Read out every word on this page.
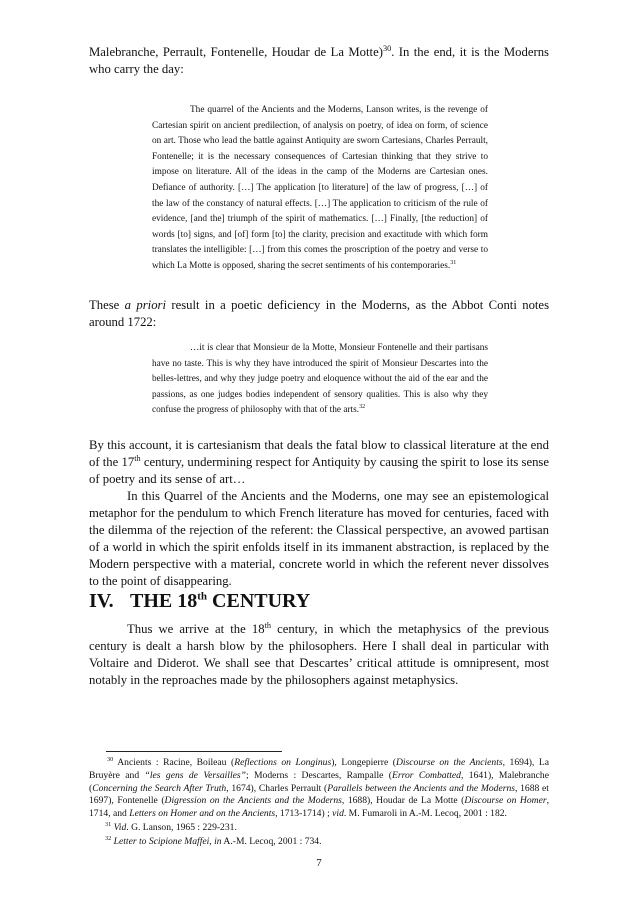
Malebranche, Perrault, Fontenelle, Houdar de La Motte)$^{30}$. In the end, it is the Moderns who carry the day:

The quarrel of the Ancients and the Moderns, Lanson writes, is the revenge of Cartesian spirit on ancient predilection, of analysis on poetry, of idea on form, of science on art. Those who lead the battle against Antiquity are sworn Cartesians, Charles Perrault, Fontenelle; it is the necessary consequences of Cartesian thinking that they strive to impose on literature. All of the ideas in the camp of the Moderns are Cartesian ones. Defiance of authority. […] The application [to literature] of the law of progress, […] of the law of the constancy of natural effects. […] The application to criticism of the rule of evidence, [and the] triumph of the spirit of mathematics. […] Finally, [the reduction] of words [to] signs, and [of] form [to] the clarity, precision and exactitude with which form translates the intelligible: […] from this comes the proscription of the poetry and verse to which La Motte is opposed, sharing the secret sentiments of his contemporaries.$^{31}$

These a priori result in a poetic deficiency in the Moderns, as the Abbot Conti notes around 1722:

…it is clear that Monsieur de la Motte, Monsieur Fontenelle and their partisans have no taste. This is why they have introduced the spirit of Monsieur Descartes into the belles-lettres, and why they judge poetry and eloquence without the aid of the ear and the passions, as one judges bodies independent of sensory qualities. This is also why they confuse the progress of philosophy with that of the arts.$^{32}$

By this account, it is cartesianism that deals the fatal blow to classical literature at the end of the 17th century, undermining respect for Antiquity by causing the spirit to lose its sense of poetry and its sense of art…

In this Quarrel of the Ancients and the Moderns, one may see an epistemological metaphor for the pendulum to which French literature has moved for centuries, faced with the dilemma of the rejection of the referent: the Classical perspective, an avowed partisan of a world in which the spirit enfolds itself in its immanent abstraction, is replaced by the Modern perspective with a material, concrete world in which the referent never dissolves to the point of disappearing.

IV. THE 18th CENTURY

Thus we arrive at the 18th century, in which the metaphysics of the previous century is dealt a harsh blow by the philosophers. Here I shall deal in particular with Voltaire and Diderot. We shall see that Descartes’ critical attitude is omnipresent, most notably in the reproaches made by the philosophers against metaphysics.

$^{30}$ Ancients : Racine, Boileau (Reflections on Longinus), Longepierre (Discourse on the Ancients, 1694), La Bruyère and “les gens de Versailles”; Moderns : Descartes, Rampalle (Error Combatted, 1641), Malebranche (Concerning the Search After Truth, 1674), Charles Perrault (Parallels between the Ancients and the Moderns, 1688 et 1697), Fontenelle (Digression on the Ancients and the Moderns, 1688), Houdar de La Motte (Discourse on Homer, 1714, and Letters on Homer and on the Ancients, 1713-1714) ; vid. M. Fumaroli in A.-M. Lecoq, 2001 : 182.

$^{31}$ Vid. G. Lanson, 1965 : 229-231.

$^{32}$ Letter to Scipione Maffei, in A.-M. Lecoq, 2001 : 734.

7
